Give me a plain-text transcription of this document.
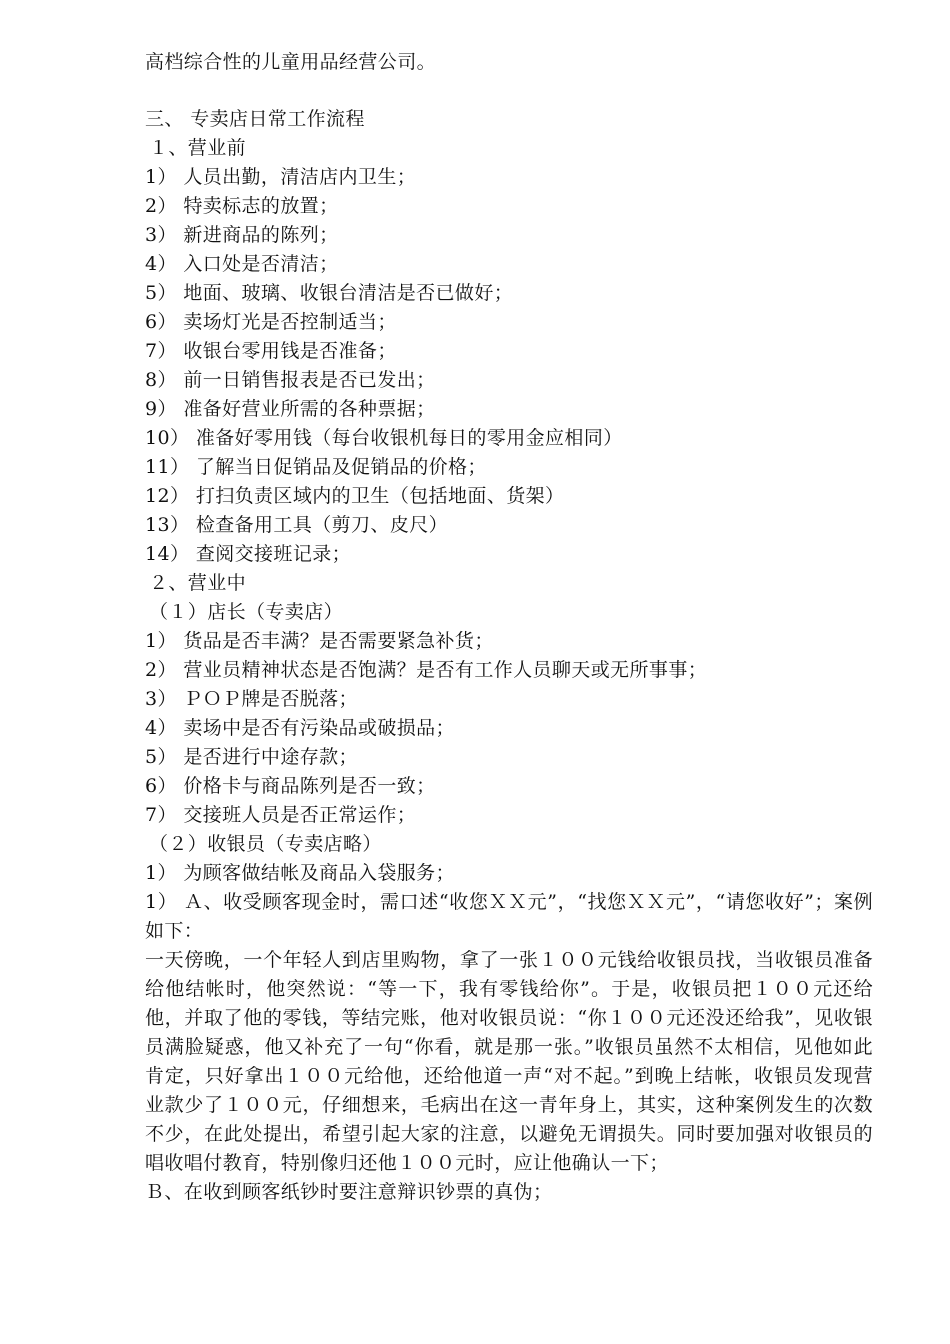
高档综合性的儿童用品经营公司。
三、 专卖店日常工作流程
１、营业前
1） 人员出勤，清洁店内卫生；
2） 特卖标志的放置；
3） 新进商品的陈列；
4） 入口处是否清洁；
5） 地面、玻璃、收银台清洁是否已做好；
6） 卖场灯光是否控制适当；
7） 收银台零用钱是否准备；
8） 前一日销售报表是否已发出；
9） 准备好营业所需的各种票据；
10） 准备好零用钱（每台收银机每日的零用金应相同）
11） 了解当日促销品及促销品的价格；
12） 打扫负责区域内的卫生（包括地面、货架）
13） 检查备用工具（剪刀、皮尺）
14） 查阅交接班记录；
２、营业中
（１）店长（专卖店）
1） 货品是否丰满？是否需要紧急补货；
2） 营业员精神状态是否饱满？是否有工作人员聊天或无所事事；
3） ＰＯＰ牌是否脱落；
4） 卖场中是否有污染品或破损品；
5） 是否进行中途存款；
6） 价格卡与商品陈列是否一致；
7） 交接班人员是否正常运作；
（２）收银员（专卖店略）
1） 为顾客做结帐及商品入袋服务；
1） Ａ、收受顾客现金时，需口述“收您ＸＸ元”，“找您ＸＸ元”，“请您收好”；案例如下：
一天傍晚，一个年轻人到店里购物，拿了一张１００元钱给收银员找，当收银员准备给他结帐时，他突然说：“等一下，我有零钱给你”。于是，收银员把１００元还给他，并取了他的零钱，等结完账，他对收银员说：“你１００元还没还给我”，见收银员满脸疑惑，他又补充了一句“你看，就是那一张。”收银员虽然不太相信，见他如此肯定，只好拿出１００元给他，还给他道一声“对不起。”到晚上结帐，收银员发现营业款少了１００元，仔细想来，毛病出在这一青年身上，其实，这种案例发生的次数不少，在此处提出，希望引起大家的注意，以避免无谓损失。同时要加强对收银员的唱收唱付教育，特别像归还他１００元时，应让他确认一下；
Ｂ、在收到顾客纸钞时要注意辩识钞票的真伪；
